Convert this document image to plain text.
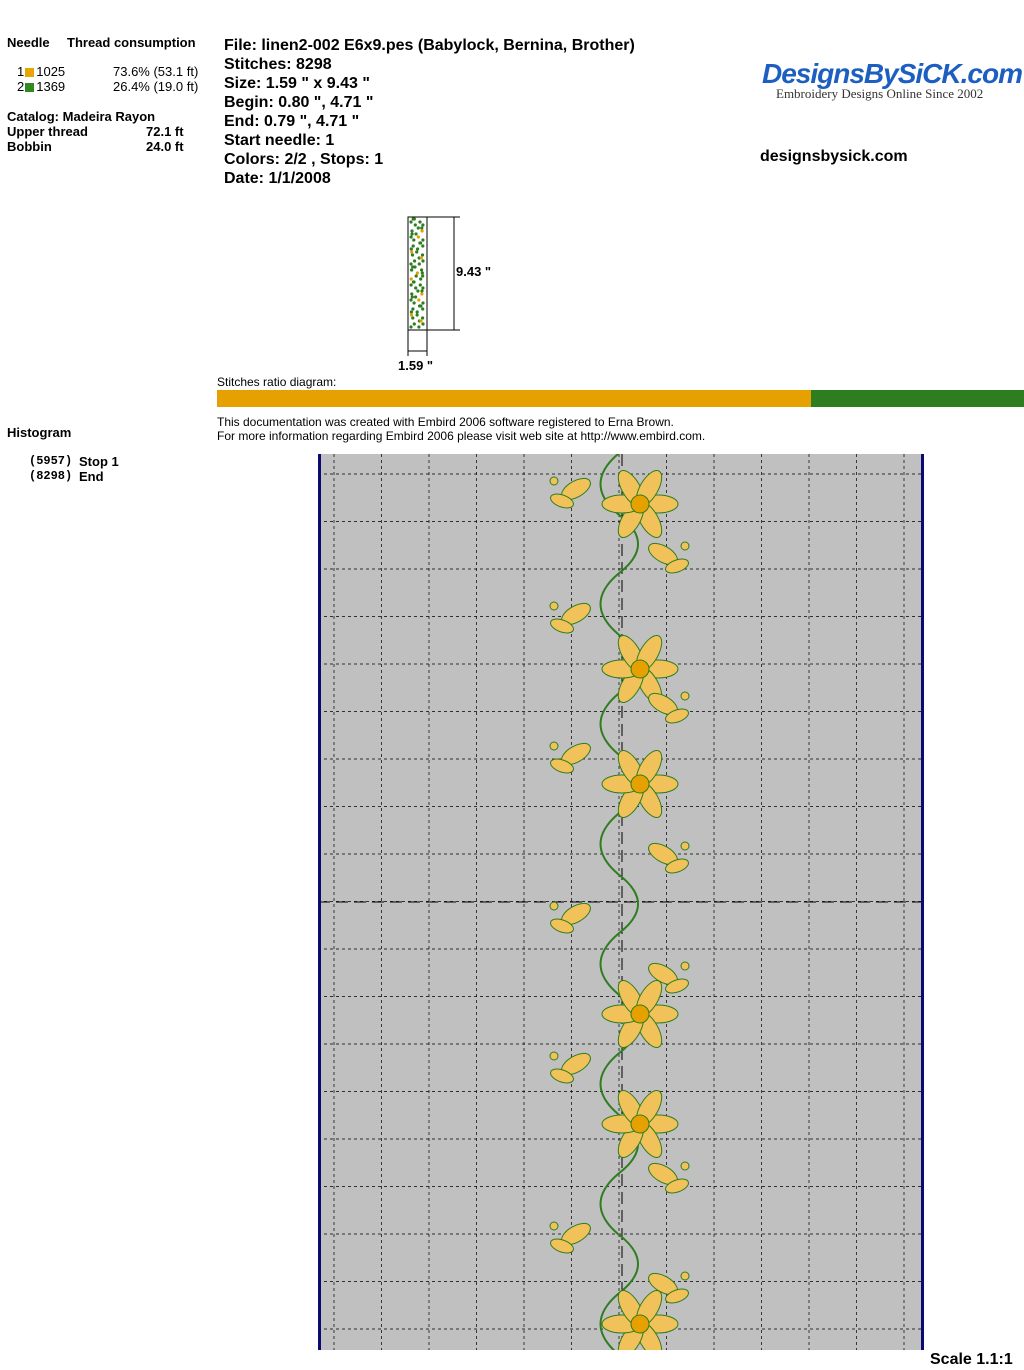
Needle Thread consumption
1 1025	73.6% (53.1 ft)
2 1369	26.4% (19.0 ft)
Catalog: Madeira Rayon
Upper thread	72.1 ft
Bobbin	24.0 ft
Histogram
(5957) Stop 1
(8298) End
File: linen2-002 E6x9.pes (Babylock, Bernina, Brother)
Stitches: 8298
Size: 1.59 " x 9.43 "
Begin: 0.80 ", 4.71 "
End: 0.79 ", 4.71 "
Start needle: 1
Colors: 2/2 , Stops: 1
Date: 1/1/2008
DesignsBySiCK.com
Embroidery Designs Online Since 2002
designsbysick.com
9.43 "
1.59 "
Stitches ratio diagram:
This documentation was created with Embird 2006 software registered to Erna Brown.
For more information regarding Embird 2006 please visit web site at http://www.embird.com.
Scale 1.1:1
